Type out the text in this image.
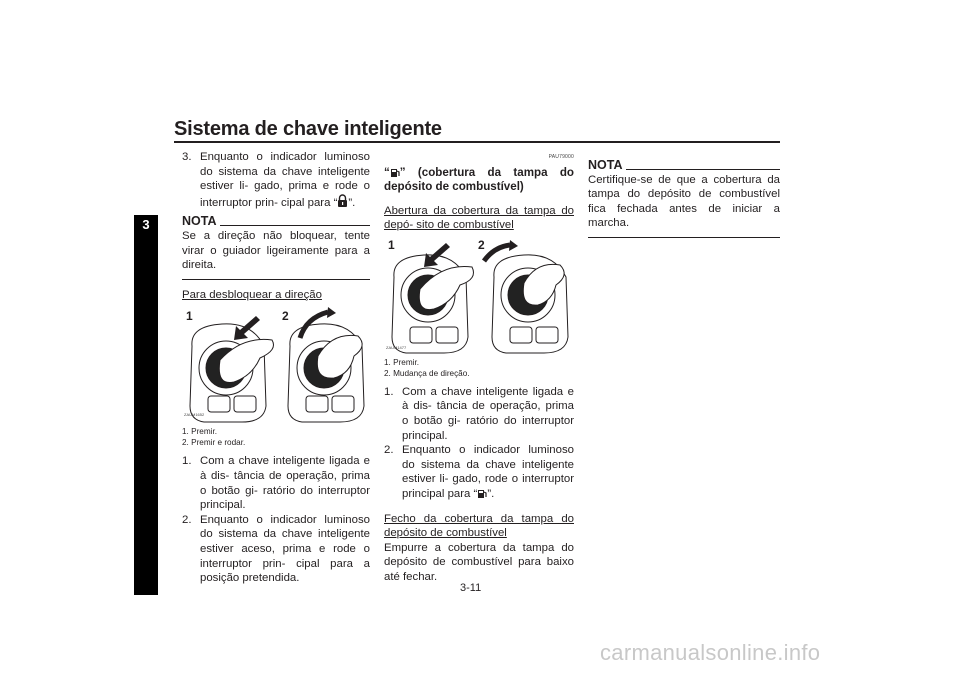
Sistema de chave inteligente
3
3. Enquanto o indicador luminoso do sistema da chave inteligente estiver li- gado, prima e rode o interruptor prin- cipal para “ ”.
NOTA

Se a direção não bloquear, tente virar o guiador ligeiramente para a direita.

Para desbloquear a direção

1	2
ZAUM1652

1. Premir.

2. Premir e rodar.

1. Com a chave inteligente ligada e à dis- tância de operação, prima o botão gi- ratório do interruptor principal.
2. Enquanto o indicador luminoso do sistema da chave inteligente estiver aceso, prima e rode o interruptor prin- cipal para a posição pretendida.
PAU79000

“ ” (cobertura da tampa do depósito de combustível)

Abertura da cobertura da tampa do depó- sito de combustível

1	2
ZAUM1477

1. Premir.

2. Mudança de direção.

1. Com a chave inteligente ligada e à dis- tância de operação, prima o botão gi- ratório do interruptor principal.
2. Enquanto o indicador luminoso do sistema da chave inteligente estiver li- gado, rode o interruptor principal para “ ”.

Fecho da cobertura da tampa do depósito de combustível

Empurre a cobertura da tampa do depósito de combustível para baixo até fechar.

NOTA

Certifique-se de que a cobertura da tampa do depósito de combustível fica fechada antes de iniciar a marcha.

3-11
carmanualsonline.info
